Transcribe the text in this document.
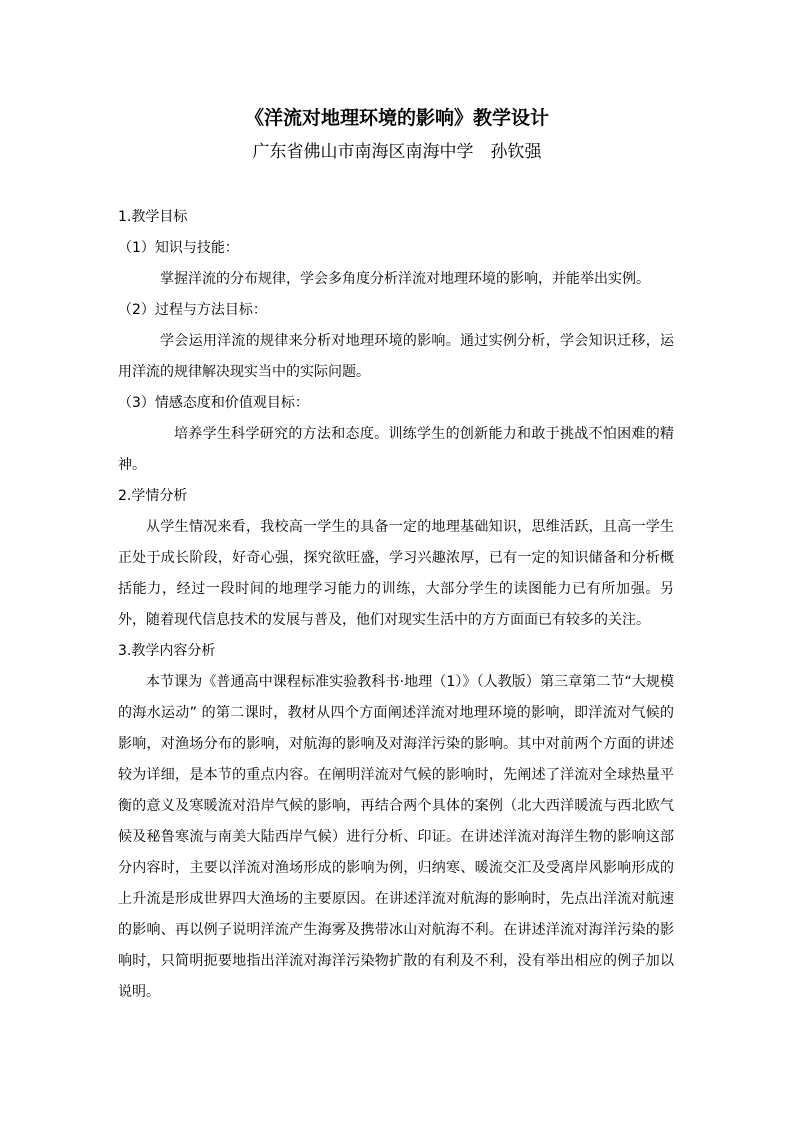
《洋流对地理环境的影响》教学设计
广东省佛山市南海区南海中学　孙钦强
1.教学目标
（1）知识与技能：
掌握洋流的分布规律，学会多角度分析洋流对地理环境的影响，并能举出实例。
（2）过程与方法目标：
学会运用洋流的规律来分析对地理环境的影响。通过实例分析，学会知识迁移，运用洋流的规律解决现实当中的实际问题。
（3）情感态度和价值观目标：
培养学生科学研究的方法和态度。训练学生的创新能力和敢于挑战不怕困难的精神。
2.学情分析
从学生情况来看，我校高一学生的具备一定的地理基础知识，思维活跃，且高一学生正处于成长阶段，好奇心强，探究欲旺盛，学习兴趣浓厚，已有一定的知识储备和分析概括能力，经过一段时间的地理学习能力的训练，大部分学生的读图能力已有所加强。另外，随着现代信息技术的发展与普及，他们对现实生活中的方方面面已有较多的关注。
3.教学内容分析
本节课为《普通高中课程标准实验教科书·地理（1）》（人教版）第三章第二节“大规模的海水运动” 的第二课时，教材从四个方面阐述洋流对地理环境的影响，即洋流对气候的影响，对渔场分布的影响，对航海的影响及对海洋污染的影响。其中对前两个方面的讲述较为详细，是本节的重点内容。在阐明洋流对气候的影响时，先阐述了洋流对全球热量平衡的意义及寒暖流对沿岸气候的影响，再结合两个具体的案例（北大西洋暖流与西北欧气候及秘鲁寒流与南美大陆西岸气候）进行分析、印证。在讲述洋流对海洋生物的影响这部分内容时，主要以洋流对渔场形成的影响为例，归纳寒、暖流交汇及受离岸风影响形成的上升流是形成世界四大渔场的主要原因。在讲述洋流对航海的影响时，先点出洋流对航速的影响、再以例子说明洋流产生海雾及携带冰山对航海不利。在讲述洋流对海洋污染的影响时，只简明扼要地指出洋流对海洋污染物扩散的有利及不利，没有举出相应的例子加以说明。
